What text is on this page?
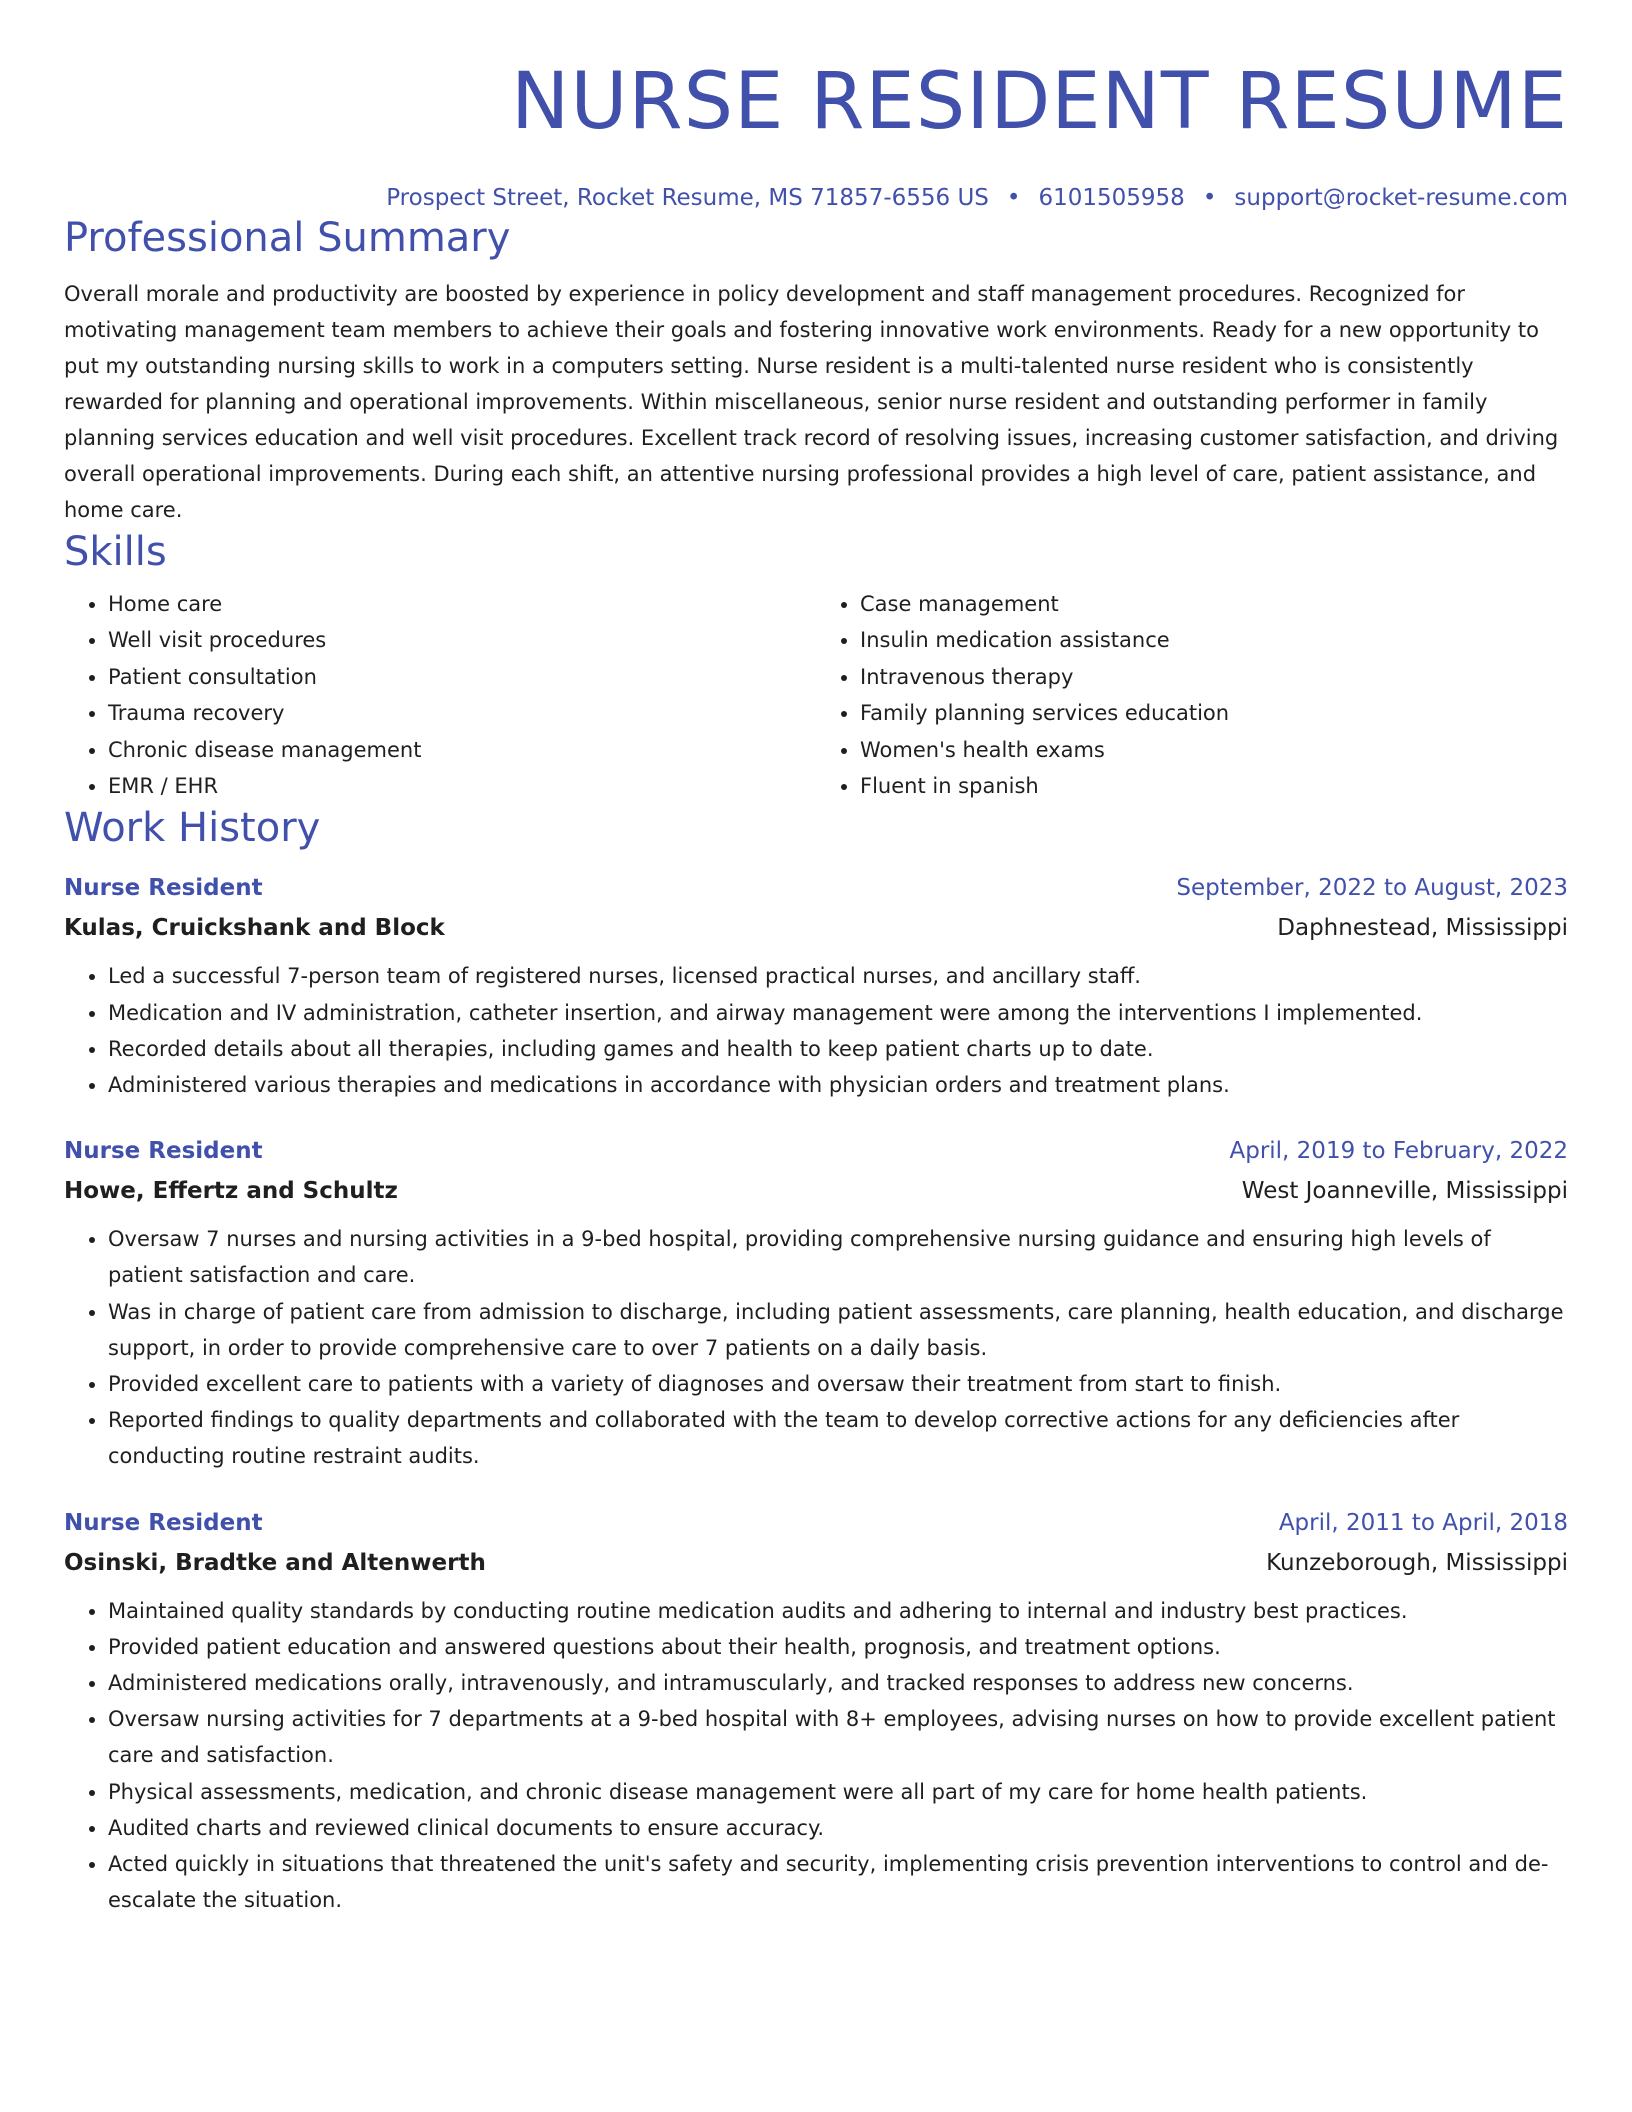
NURSE RESIDENT RESUME
Prospect Street, Rocket Resume, MS 71857-6556 US • 6101505958 • support@rocket-resume.com
Professional Summary
Overall morale and productivity are boosted by experience in policy development and staff management procedures. Recognized for motivating management team members to achieve their goals and fostering innovative work environments. Ready for a new opportunity to put my outstanding nursing skills to work in a computers setting. Nurse resident is a multi-talented nurse resident who is consistently rewarded for planning and operational improvements. Within miscellaneous, senior nurse resident and outstanding performer in family planning services education and well visit procedures. Excellent track record of resolving issues, increasing customer satisfaction, and driving overall operational improvements. During each shift, an attentive nursing professional provides a high level of care, patient assistance, and home care.
Skills
• Home care
• Well visit procedures
• Patient consultation
• Trauma recovery
• Chronic disease management
• EMR / EHR
• Case management
• Insulin medication assistance
• Intravenous therapy
• Family planning services education
• Women's health exams
• Fluent in spanish
Work History
Nurse Resident	September, 2022 to August, 2023
Kulas, Cruickshank and Block	Daphnestead, Mississippi
• Led a successful 7-person team of registered nurses, licensed practical nurses, and ancillary staff.
• Medication and IV administration, catheter insertion, and airway management were among the interventions I implemented.
• Recorded details about all therapies, including games and health to keep patient charts up to date.
• Administered various therapies and medications in accordance with physician orders and treatment plans.
Nurse Resident	April, 2019 to February, 2022
Howe, Effertz and Schultz	West Joanneville, Mississippi
• Oversaw 7 nurses and nursing activities in a 9-bed hospital, providing comprehensive nursing guidance and ensuring high levels of patient satisfaction and care.
• Was in charge of patient care from admission to discharge, including patient assessments, care planning, health education, and discharge support, in order to provide comprehensive care to over 7 patients on a daily basis.
• Provided excellent care to patients with a variety of diagnoses and oversaw their treatment from start to finish.
• Reported findings to quality departments and collaborated with the team to develop corrective actions for any deficiencies after conducting routine restraint audits.
Nurse Resident	April, 2011 to April, 2018
Osinski, Bradtke and Altenwerth	Kunzeborough, Mississippi
• Maintained quality standards by conducting routine medication audits and adhering to internal and industry best practices.
• Provided patient education and answered questions about their health, prognosis, and treatment options.
• Administered medications orally, intravenously, and intramuscularly, and tracked responses to address new concerns.
• Oversaw nursing activities for 7 departments at a 9-bed hospital with 8+ employees, advising nurses on how to provide excellent patient care and satisfaction.
• Physical assessments, medication, and chronic disease management were all part of my care for home health patients.
• Audited charts and reviewed clinical documents to ensure accuracy.
• Acted quickly in situations that threatened the unit's safety and security, implementing crisis prevention interventions to control and de-escalate the situation.
